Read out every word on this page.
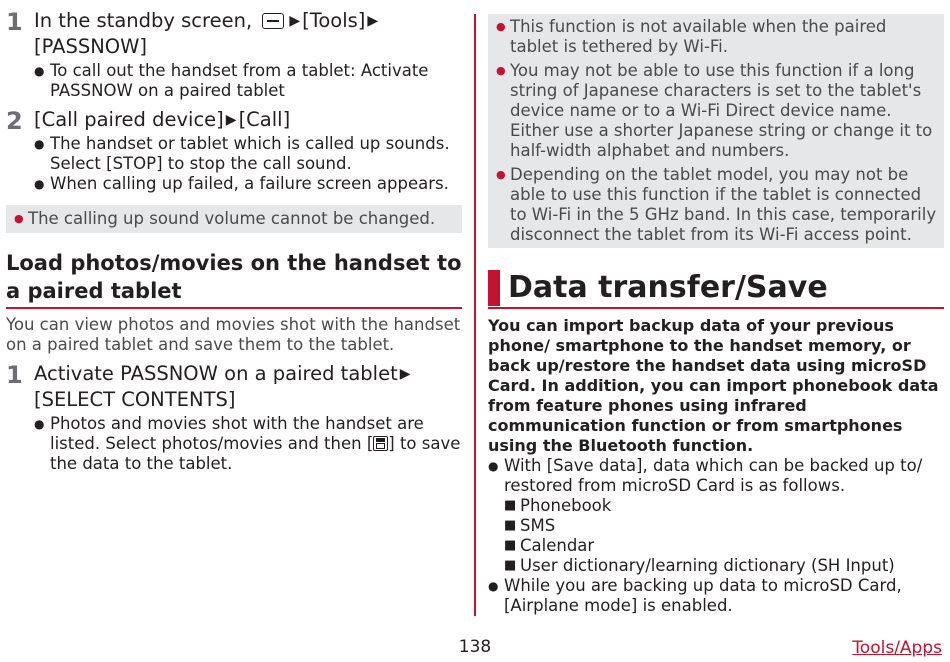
1 In the standby screen,	▶ [Tools] ▶
[PASSNOW]
● To call out the handset from a tablet: Activate PASSNOW on a paired tablet
2 [Call paired device] ▶ [Call]
● The handset or tablet which is called up sounds. Select [STOP] to stop the call sound.
● When calling up failed, a failure screen appears.
● The calling up sound volume cannot be changed.
Load photos/movies on the handset to a paired tablet

You can view photos and movies shot with the handset on a paired tablet and save them to the tablet.

1 Activate PASSNOW on a paired tablet ▶
[SELECT CONTENTS]
● Photos and movies shot with the handset are listed. Select photos/movies and then [ ] to save the data to the tablet.
● This function is not available when the paired tablet is tethered by Wi-Fi.
● You may not be able to use this function if a long string of Japanese characters is set to the tablet's device name or to a Wi-Fi Direct device name. Either use a shorter Japanese string or change it to half-width alphabet and numbers.
● Depending on the tablet model, you may not be able to use this function if the tablet is connected to Wi-Fi in the 5 GHz band. In this case, temporarily disconnect the tablet from its Wi-Fi access point.
Data transfer/Save

You can import backup data of your previous phone/ smartphone to the handset memory, or back up/restore the handset data using microSD Card. In addition, you can import phonebook data from feature phones using infrared communication function or from smartphones using the Bluetooth function.

● With [Save data], data which can be backed up to/ restored from microSD Card is as follows.
■ Phonebook
■ SMS
■ Calendar
■ User dictionary/learning dictionary (SH Input)
● While you are backing up data to microSD Card, [Airplane mode] is enabled.
138	Tools/Apps
